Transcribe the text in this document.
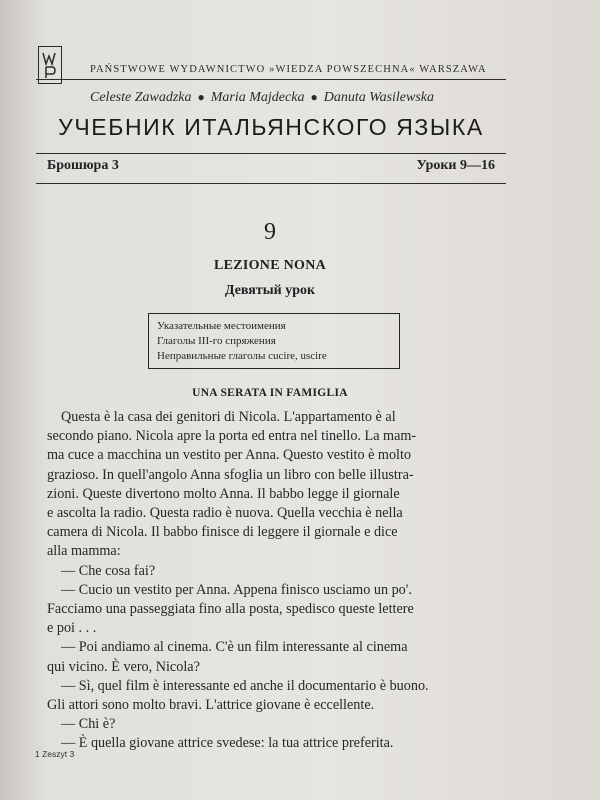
PAŃSTWOWE WYDAWNICTWO »WIEDZA POWSZECHNA« WARSZAWA
Celeste Zawadzka ● Maria Majdecka ● Danuta Wasilewska
УЧЕБНИК ИТАЛЬЯНСКОГО ЯЗЫКА
Брошюра 3	Уроки 9—16
9
LEZIONE NONA
Девятый урок
Указательные местоимения
Глаголы III-го спряжения
Неправильные глаголы cucire, uscire
UNA SERATA IN FAMIGLIA
Questa è la casa dei genitori di Nicola. L'appartamento è al
secondo piano. Nicola apre la porta ed entra nel tinello. La mam-
ma cuce a macchina un vestito per Anna. Questo vestito è molto
grazioso. In quell'angolo Anna sfoglia un libro con belle illustra-
zioni. Queste divertono molto Anna. Il babbo legge il giornale
e ascolta la radio. Questa radio è nuova. Quella vecchia è nella
camera di Nicola. Il babbo finisce di leggere il giornale e dice
alla mamma:
— Che cosa fai?
— Cucio un vestito per Anna. Appena finisco usciamo un po'.
Facciamo una passeggiata fino alla posta, spedisco queste lettere
e poi . . .
— Poi andiamo al cinema. C'è un film interessante al cinema
qui vicino. È vero, Nicola?
— Sì, quel film è interessante ed anche il documentario è buono.
Gli attori sono molto bravi. L'attrice giovane è eccellente.
— Chi è?
— È quella giovane attrice svedese: la tua attrice preferita.
1 Zeszyt 3
